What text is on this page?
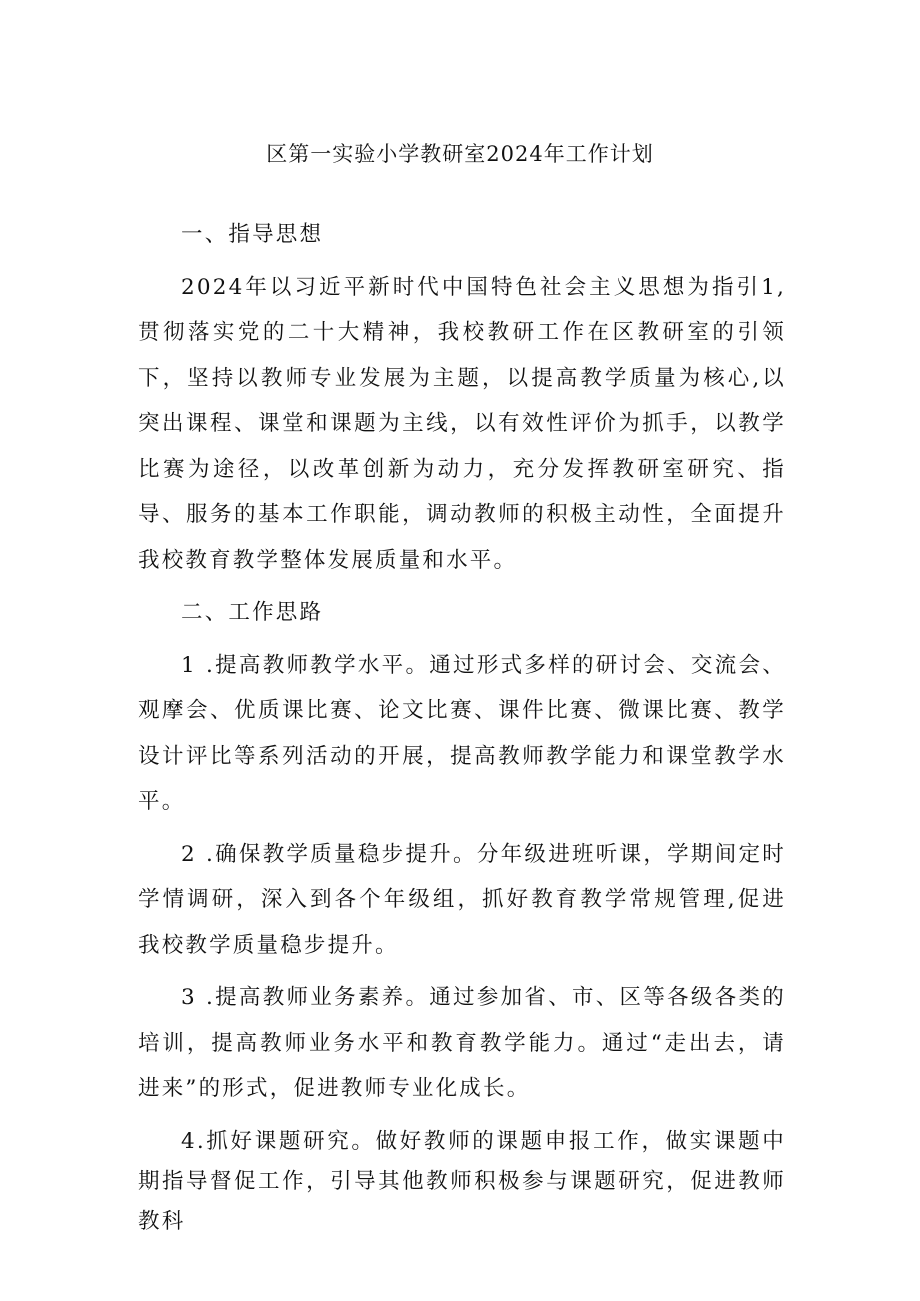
区第一实验小学教研室2024年工作计划

一、指导思想

2024年以习近平新时代中国特色社会主义思想为指引1,贯彻落实党的二十大精神，我校教研工作在区教研室的引领下，坚持以教师专业发展为主题，以提高教学质量为核心,以突出课程、课堂和课题为主线，以有效性评价为抓手，以教学比赛为途径，以改革创新为动力，充分发挥教研室研究、指导、服务的基本工作职能，调动教师的积极主动性，全面提升我校教育教学整体发展质量和水平。

二、工作思路

1 .提高教师教学水平。通过形式多样的研讨会、交流会、观摩会、优质课比赛、论文比赛、课件比赛、微课比赛、教学设计评比等系列活动的开展，提高教师教学能力和课堂教学水平。

2 .确保教学质量稳步提升。分年级进班听课，学期间定时学情调研，深入到各个年级组，抓好教育教学常规管理,促进我校教学质量稳步提升。

3 .提高教师业务素养。通过参加省、市、区等各级各类的培训，提高教师业务水平和教育教学能力。通过“走出去，请进来”的形式，促进教师专业化成长。

4.抓好课题研究。做好教师的课题申报工作，做实课题中期指导督促工作，引导其他教师积极参与课题研究，促进教师教科
